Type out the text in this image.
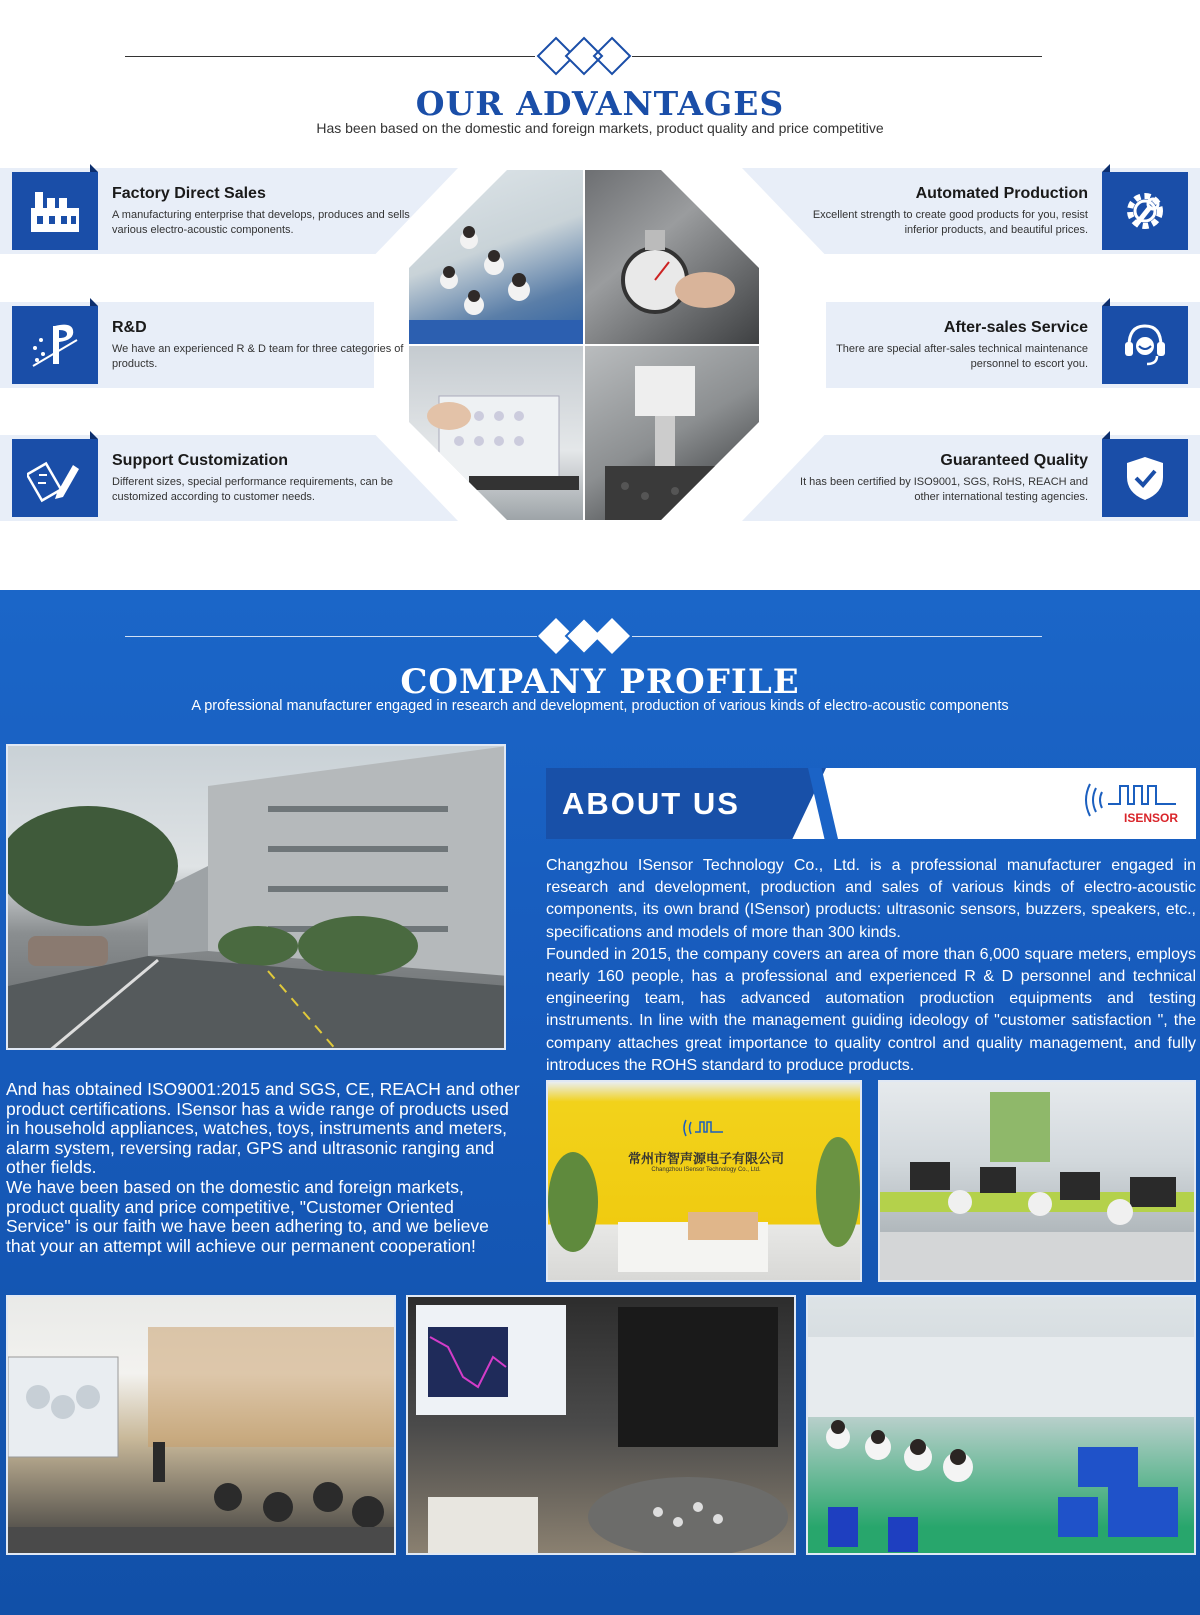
OUR ADVANTAGES
Has been based on the domestic and foreign markets, product quality and price competitive
Factory Direct Sales
A manufacturing enterprise that develops, produces and sells various electro-acoustic components.
R&D
We have an experienced R & D team for three categories of products.
Support Customization
Different sizes, special performance requirements, can be customized according to customer needs.
Automated Production
Excellent strength to create good products for you, resist inferior products, and beautiful prices.
After-sales Service
There are special after-sales technical maintenance personnel to escort you.
Guaranteed Quality
It has been certified by ISO9001, SGS, RoHS, REACH and other international testing agencies.
COMPANY PROFILE
A professional manufacturer engaged in research and development, production of various kinds of electro-acoustic components
ABOUT US	ISENSOR

Changzhou ISensor Technology Co., Ltd. is a professional manufacturer engaged in research and development, production and sales of various kinds of electro-acoustic components, its own brand (ISensor) products: ultrasonic sensors, buzzers, speakers, etc., specifications and models of more than 300 kinds.

Founded in 2015, the company covers an area of more than 6,000 square meters, employs nearly 160 people, has a professional and experienced R & D personnel and technical engineering team, has advanced automation production equipments and testing instruments. In line with the management guiding ideology of "customer satisfaction ", the company attaches great importance to quality control and quality management, and fully introduces the ROHS standard to produce products.

And has obtained ISO9001:2015 and SGS, CE, REACH and other product certifications. ISensor has a wide range of products used in household appliances, watches, toys, instruments and meters, alarm system, reversing radar, GPS and ultrasonic ranging and other fields.

We have been based on the domestic and foreign markets, product quality and price competitive, "Customer Oriented Service" is our faith we have been adhering to, and we believe that your an attempt will achieve our permanent cooperation!

常州市智声源电子有限公司
Changzhou ISensor Technology Co., Ltd.
